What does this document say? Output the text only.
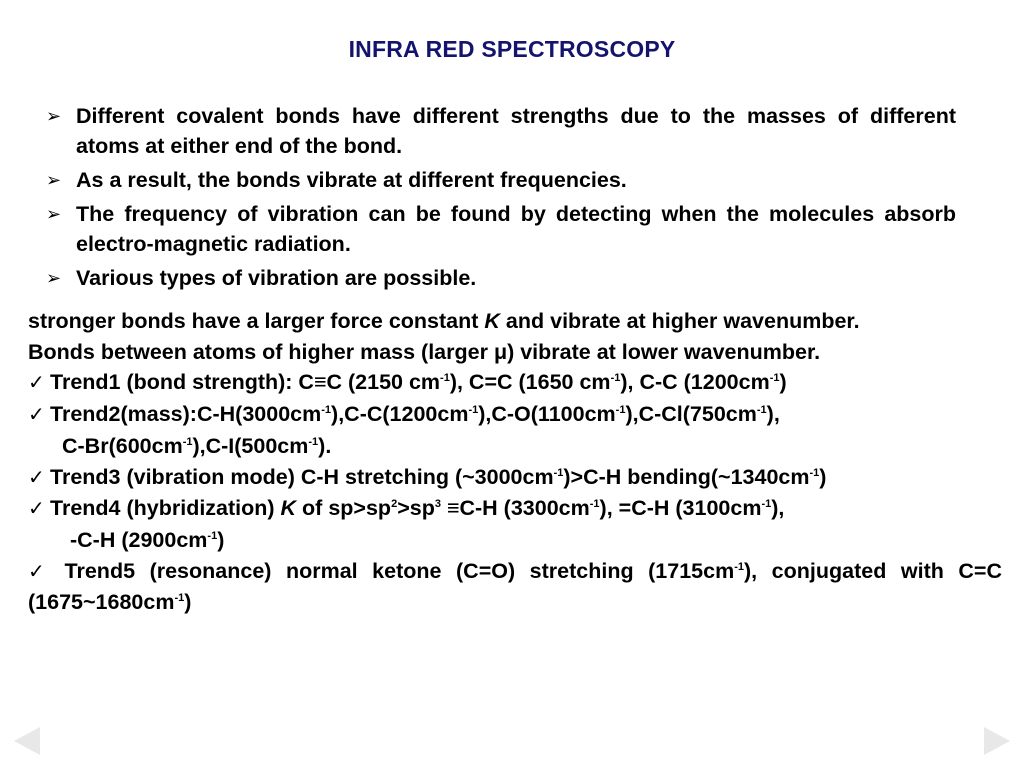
INFRA RED SPECTROSCOPY
➢ Different covalent bonds have different strengths due to the masses of different atoms at either end of the bond.
➢ As a result, the bonds vibrate at different frequencies.
➢ The frequency of vibration can be found by detecting when the molecules absorb electro-magnetic radiation.
➢ Various types of vibration are possible.
stronger bonds have a larger force constant K and vibrate at higher wavenumber.
Bonds between atoms of higher mass (larger μ) vibrate at lower wavenumber.
✓ Trend1 (bond strength): C≡C (2150 $cm^{-1}$), C=C (1650 $cm^{-1}$), C-C $(1200cm^{-1})$
✓ $Trend2(mass):C-H(3000cm^{-1}),C-C(1200cm^{-1}),C-O(1100cm^{-1}),C-Cl(750cm^{-1})$,
$C-Br(600cm^{-1}),C-I(500cm^{-1})$.
✓ Trend3 (vibration mode) C-H stretching $(\sim 3000cm^{-1})>C-H$ $bending(\sim 1340cm^{-1})$
✓ Trend4 (hybridization) K of $sp>sp^2>sp^3 \equiv C-H$ $(3300cm^{-1})$, =C-H $(3100cm^{-1})$,
-C-H $(2900cm^{-1})$
✓ Trend5 (resonance) normal ketone (C=O) stretching $(1715cm^{-1})$, conjugated with C=C $(1675\sim 1680cm^{-1})$
